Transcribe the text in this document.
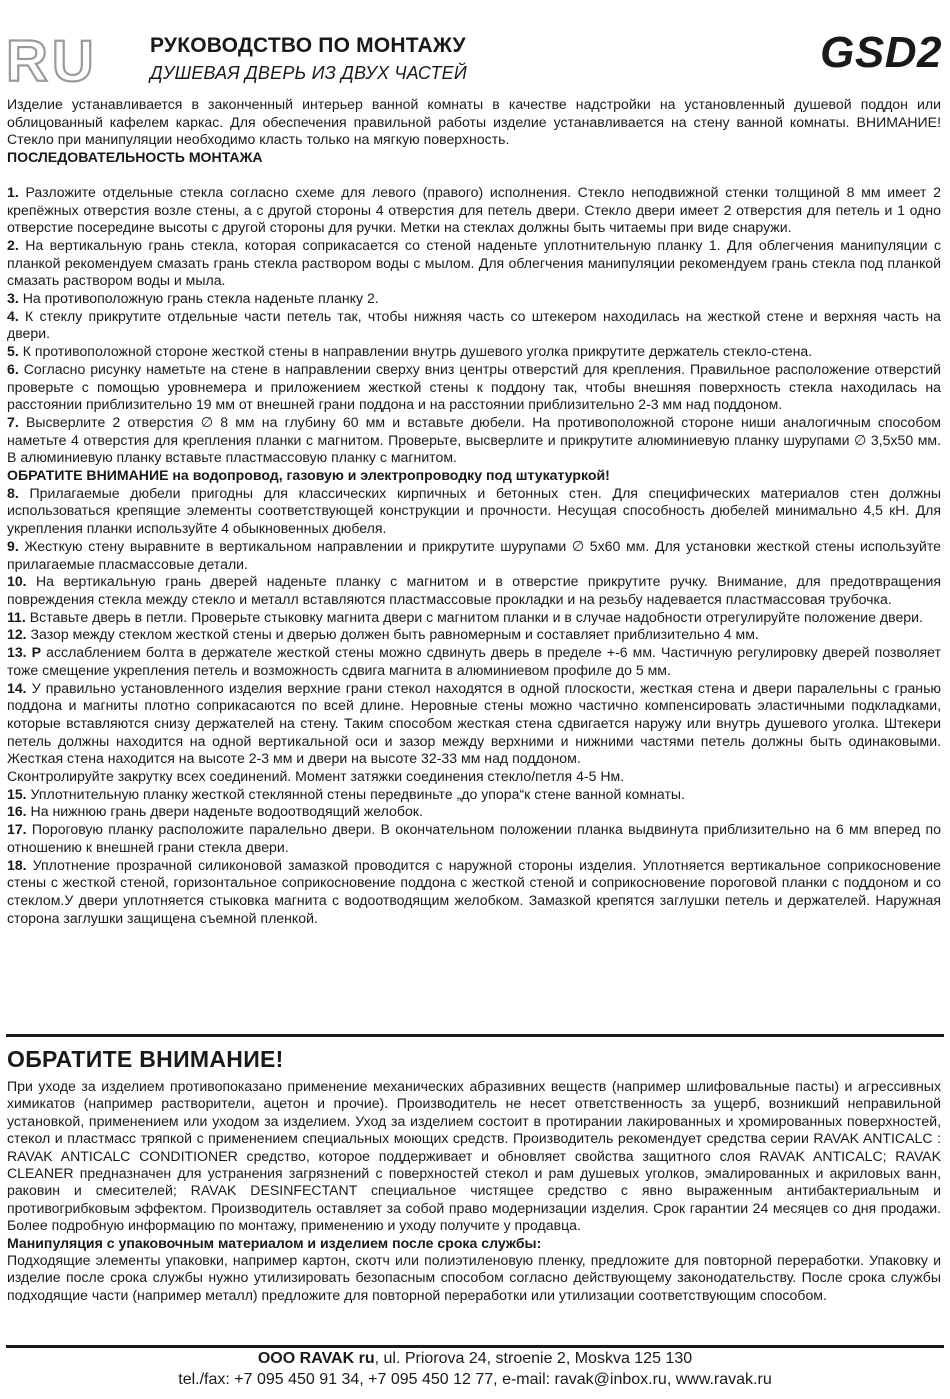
RU РУКОВОДСТВО ПО МОНТАЖУ
ДУШЕВАЯ ДВЕРЬ ИЗ ДВУХ ЧАСТЕЙ	GSD2

Изделие устанавливается в законченный интерьер ванной комнаты в качестве надстройки на установленный душевой поддон или облицованный кафелем каркас. Для обеспечения правильной работы изделие устанавливается на стену ванной комнаты. ВНИМАНИЕ! Стекло при манипуляции необходимо класть только на мягкую поверхность.

ПОСЛЕДОВАТЕЛЬНОСТЬ МОНТАЖА

1. Разложите отдельные стекла согласно схеме для левого (правого) исполнения. Стекло неподвижной стенки толщиной 8 мм имеет 2 крепёжных отверстия возле стены, а с другой стороны 4 отверстия для петель двери. Стекло двери имеет 2 отверстия для петель и 1 одно отверстие посередине высоты с другой стороны для ручки. Метки на стеклах должны быть читаемы при виде снаружи.

2. На вертикальную грань стекла, которая соприкасается со стеной наденьте уплотнительную планку 1. Для облегчения манипуляции с планкой рекомендуем смазать грань стекла раствором воды с мылом. Для облегчения манипуляции рекомендуем грань стекла под планкой смазать раствором воды и мыла.

3. На противоположную грань стекла наденьте планку 2.

4. К стеклу прикрутите отдельные части петель так, чтобы нижняя часть со штекером находилась на жесткой стене и верхняя часть на двери.

5. К противоположной стороне жесткой стены в направлении внутрь душевого уголка прикрутите держатель стекло-стена.

6. Согласно рисунку наметьте на стене в направлении сверху вниз центры отверстий для крепления. Правильное расположение отверстий проверьте с помощью уровнемера и приложением жесткой стены к поддону так, чтобы внешняя поверхность стекла находилась на расстоянии приблизительно 19 мм от внешней грани поддона и на расстоянии приблизительно 2-3 мм над поддоном.

7. Высверлите 2 отверстия ∅ 8 мм на глубину 60 мм и вставьте дюбели. На противоположной стороне ниши аналогичным способом наметьте 4 отверстия для крепления планки с магнитом. Проверьте, высверлите и прикрутите алюминиевую планку шурупами ∅ 3,5x50 мм. В алюминиевую планку вставьте пластмассовую планку с магнитом.

ОБРАТИТЕ ВНИМАНИЕ на водопровод, газовую и электропроводку под штукатуркой!

8. Прилагаемые дюбели пригодны для классических кирпичных и бетонных стен. Для специфических материалов стен должны использоваться крепящие элементы соответствующей конструкции и прочности. Несущая способность дюбелей минимально 4,5 кН. Для укрепления планки используйте 4 обыкновенных дюбеля.

9. Жесткую стену выравните в вертикальном направлении и прикрутите шурупами ∅ 5x60 мм. Для установки жесткой стены используйте прилагаемые пласмассовые детали.

10. На вертикальную грань дверей наденьте планку с магнитом и в отверстие прикрутите ручку. Внимание, для предотвращения повреждения стекла между стекло и металл вставляются пластмассовые прокладки и на резьбу надевается пластмассовая трубочка.

11. Вставьте дверь в петли. Проверьте стыковку магнита двери с магнитом планки и в случае надобности отрегулируйте положение двери.

12. Зазор между стеклом жесткой стены и дверью должен быть равномерным и составляет приблизительно 4 мм.

13. Р асслаблением болта в держателе жесткой стены можно сдвинуть дверь в пределе +-6 мм. Частичную регулировку дверей позволяет тоже смещение укрепления петель и возможность сдвига магнита в алюминиевом профиле до 5 мм.

14. У правильно установленного изделия верхние грани стекол находятся в одной плоскости, жесткая стена и двери паралельны с гранью поддона и магниты плотно соприкасаются по всей длине. Неровные стены можно частично компенсировать эластичными подкладками, которые вставляются снизу держателей на стену. Таким способом жесткая стена сдвигается наружу или внутрь душевого уголка. Штекери петель должны находится на одной вертикальной оси и зазор между верхними и нижними частями петель должны быть одинаковыми. Жесткая стена находится на высоте 2-3 мм и двери на высоте 32-33 мм над поддоном.

Сконтролируйте закрутку всех соединений. Момент затяжки соединения стекло/петля 4-5 Нм.

15. Уплотнительную планку жесткой стеклянной стены передвиньте „до упора“к стене ванной комнаты.

16. На нижнюю грань двери наденьте водоотводящий желобок.

17. Пороговую планку расположите паралельно двери. В окончательном положении планка выдвинута приблизительно на 6 мм вперед по отношению к внешней грани стекла двери.

18. Уплотнение прозрачной силиконовой замазкой проводится с наружной стороны изделия. Уплотняется вертикальное соприкосновение стены с жесткой стеной, горизонтальное соприкосновение поддона с жесткой стеной и соприкосновение пороговой планки с поддоном и со стеклом.У двери уплотняется стыковка магнита с водоотводящим желобком. Замазкой крепятся заглушки петель и держателей. Наружная сторона заглушки защищена съемной пленкой.

ОБРАТИТЕ ВНИМАНИЕ!

При уходе за изделием противопоказано применение механических абразивних веществ (например шлифовальные пасты) и агрессивных химикатов (например растворители, ацетон и прочие). Производитель не несет ответственность за ущерб, возникший неправильной установкой, применением или уходом за изделием. Уход за изделием состоит в протирании лакированных и хромированных поверхностей, стекол и пластмасс тряпкой с применением специальных моющих средств. Производитель рекомендует средства серии RAVAK ANTICALC : RAVAK ANTICALC CONDITIONER средство, которое поддерживает и обновляет свойства защитного слоя RAVAK ANTICALC; RAVAK CLEANER предназначен для устранения загрязнений с поверхностей стекол и рам душевых уголков, эмалированных и акриловых ванн, раковин и смесителей; RAVAK DESINFECTANT специальное чистящее средство с явно выраженным антибактериальным и противогрибковым эффектом. Производитель оставляет за собой право модернизации изделия. Срок гарантии 24 месяцев со дня продажи. Более подробную информацию по монтажу, применению и уходу получите у продавца.

Манипуляция с упаковочным материалом и изделием после срока службы:

Подходящие элементы упаковки, например картон, скотч или полиэтиленовую пленку, предложите для повторной переработки. Упаковку и изделие после срока службы нужно утилизировать безопасным способом согласно действующему законодательству. После срока службы подходящие части (например металл) предложите для повторной переработки или утилизации соответствующим способом.

OOO RAVAK ru, ul. Priorova 24, stroenie 2, Moskva 125 130

tel./fax: +7 095 450 91 34, +7 095 450 12 77, e-mail: ravak@inbox.ru, www.ravak.ru
